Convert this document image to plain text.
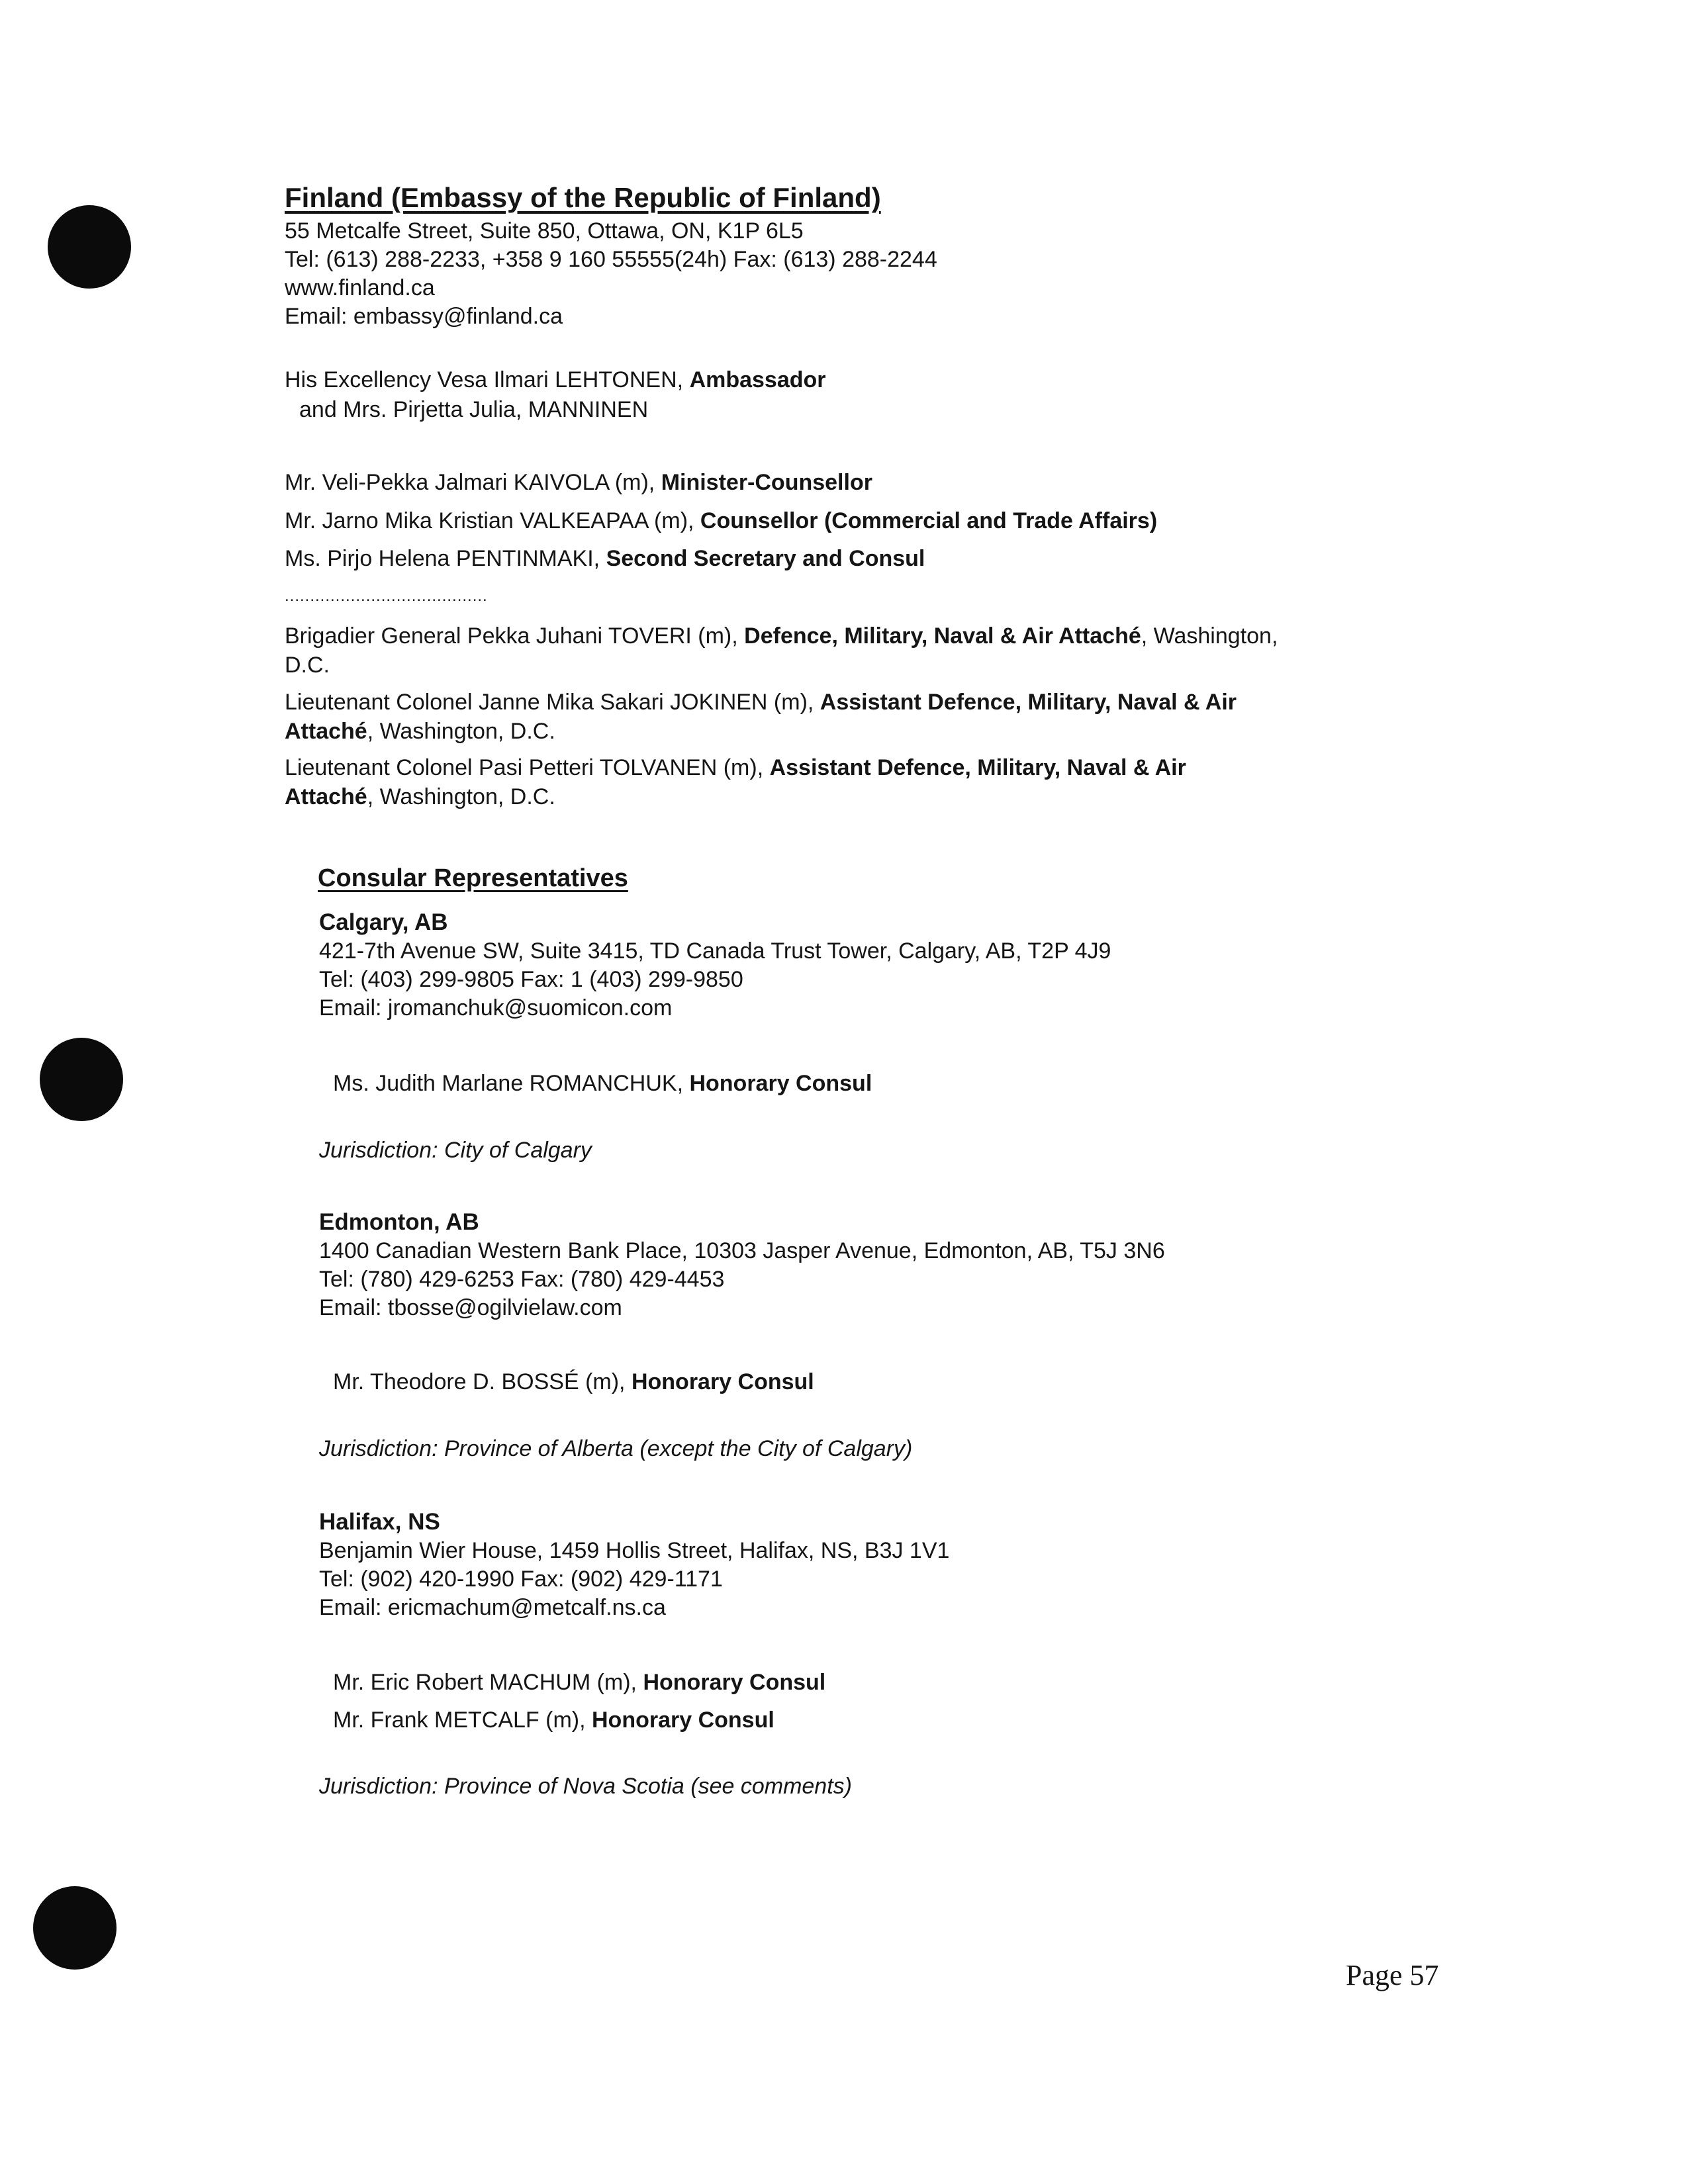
Finland (Embassy of the Republic of Finland)
55 Metcalfe Street, Suite 850, Ottawa, ON, K1P 6L5
Tel: (613) 288-2233, +358 9 160 55555(24h) Fax: (613) 288-2244
www.finland.ca
Email: embassy@finland.ca
His Excellency Vesa Ilmari LEHTONEN, Ambassador
and Mrs. Pirjetta Julia, MANNINEN
Mr. Veli-Pekka Jalmari KAIVOLA (m), Minister-Counsellor
Mr. Jarno Mika Kristian VALKEAPAA (m), Counsellor (Commercial and Trade Affairs)
Ms. Pirjo Helena PENTINMAKI, Second Secretary and Consul
........................................
Brigadier General Pekka Juhani TOVERI (m), Defence, Military, Naval & Air Attaché, Washington,
D.C.
Lieutenant Colonel Janne Mika Sakari JOKINEN (m), Assistant Defence, Military, Naval & Air
Attaché, Washington, D.C.
Lieutenant Colonel Pasi Petteri TOLVANEN (m), Assistant Defence, Military, Naval & Air
Attaché, Washington, D.C.
Consular Representatives
Calgary, AB
421-7th Avenue SW, Suite 3415, TD Canada Trust Tower, Calgary, AB, T2P 4J9
Tel: (403) 299-9805 Fax: 1 (403) 299-9850
Email: jromanchuk@suomicon.com
Ms. Judith Marlane ROMANCHUK, Honorary Consul
Jurisdiction: City of Calgary
Edmonton, AB
1400 Canadian Western Bank Place, 10303 Jasper Avenue, Edmonton, AB, T5J 3N6
Tel: (780) 429-6253 Fax: (780) 429-4453
Email: tbosse@ogilvielaw.com
Mr. Theodore D. BOSSÉ (m), Honorary Consul
Jurisdiction: Province of Alberta (except the City of Calgary)
Halifax, NS
Benjamin Wier House, 1459 Hollis Street, Halifax, NS, B3J 1V1
Tel: (902) 420-1990 Fax: (902) 429-1171
Email: ericmachum@metcalf.ns.ca
Mr. Eric Robert MACHUM (m), Honorary Consul
Mr. Frank METCALF (m), Honorary Consul
Jurisdiction: Province of Nova Scotia (see comments)
Page 57
